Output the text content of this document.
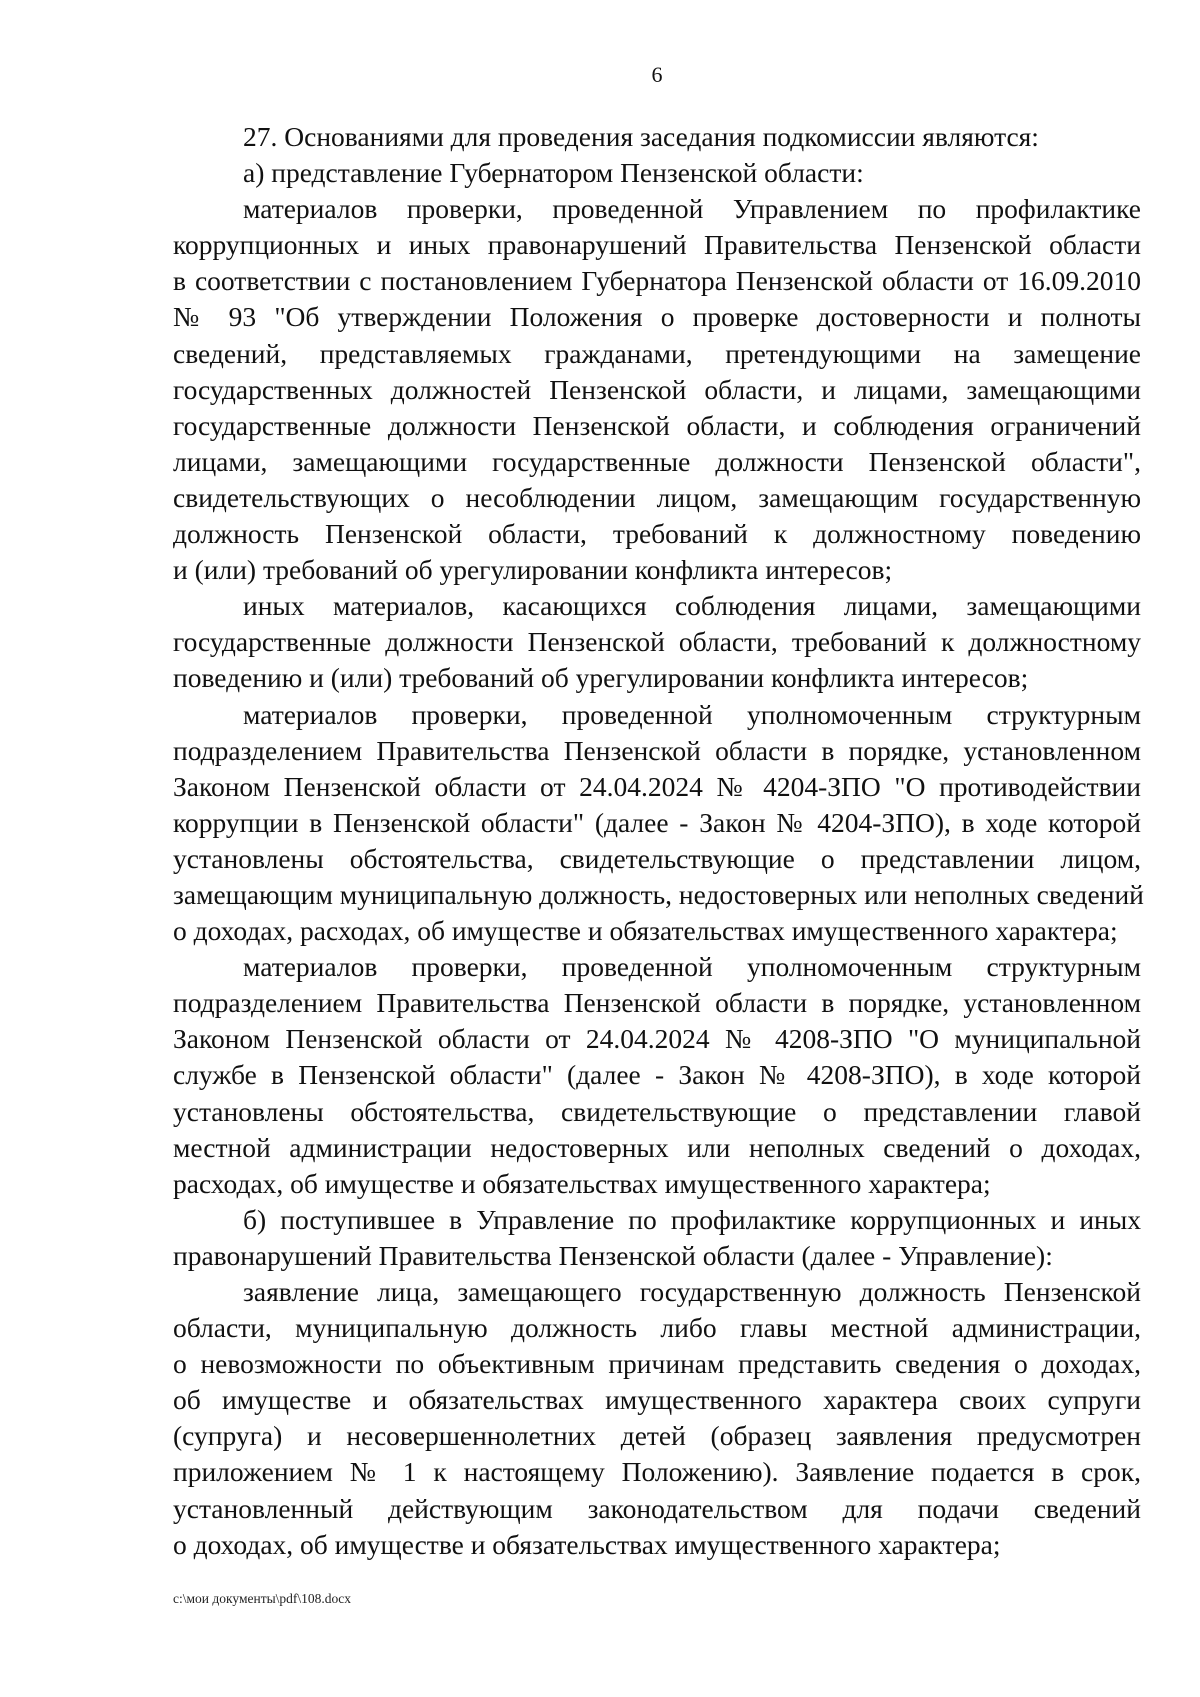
6
27. Основаниями для проведения заседания подкомиссии являются:
а) представление Губернатором Пензенской области:
материалов проверки, проведенной Управлением по профилактике
коррупционных и иных правонарушений Правительства Пензенской области
в соответствии с постановлением Губернатора Пензенской области от 16.09.2010
№ 93 "Об утверждении Положения о проверке достоверности и полноты
сведений, представляемых гражданами, претендующими на замещение
государственных должностей Пензенской области, и лицами, замещающими
государственные должности Пензенской области, и соблюдения ограничений
лицами, замещающими государственные должности Пензенской области",
свидетельствующих о несоблюдении лицом, замещающим государственную
должность Пензенской области, требований к должностному поведению
и (или) требований об урегулировании конфликта интересов;
иных материалов, касающихся соблюдения лицами, замещающими
государственные должности Пензенской области, требований к должностному
поведению и (или) требований об урегулировании конфликта интересов;
материалов проверки, проведенной уполномоченным структурным
подразделением Правительства Пензенской области в порядке, установленном
Законом Пензенской области от 24.04.2024 № 4204-ЗПО "О противодействии
коррупции в Пензенской области" (далее - Закон № 4204-ЗПО), в ходе которой
установлены обстоятельства, свидетельствующие о представлении лицом,
замещающим муниципальную должность, недостоверных или неполных сведений
о доходах, расходах, об имуществе и обязательствах имущественного характера;
материалов проверки, проведенной уполномоченным структурным
подразделением Правительства Пензенской области в порядке, установленном
Законом Пензенской области от 24.04.2024 № 4208-ЗПО "О муниципальной
службе в Пензенской области" (далее - Закон № 4208-ЗПО), в ходе которой
установлены обстоятельства, свидетельствующие о представлении главой
местной администрации недостоверных или неполных сведений о доходах,
расходах, об имуществе и обязательствах имущественного характера;
б) поступившее в Управление по профилактике коррупционных и иных
правонарушений Правительства Пензенской области (далее - Управление):
заявление лица, замещающего государственную должность Пензенской
области, муниципальную должность либо главы местной администрации,
о невозможности по объективным причинам представить сведения о доходах,
об имуществе и обязательствах имущественного характера своих супруги
(супруга) и несовершеннолетних детей (образец заявления предусмотрен
приложением № 1 к настоящему Положению). Заявление подается в срок,
установленный действующим законодательством для подачи сведений
о доходах, об имуществе и обязательствах имущественного характера;
c:\мои документы\pdf\108.docx
